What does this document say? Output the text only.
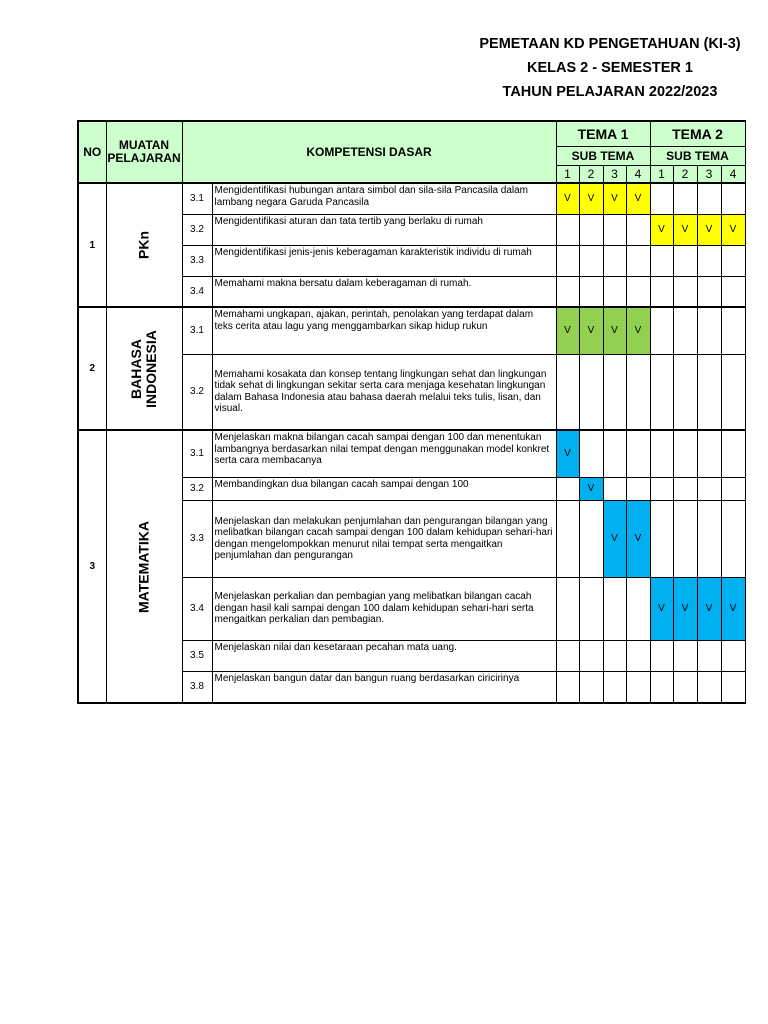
PEMETAAN KD PENGETAHUAN (KI-3)
KELAS 2 - SEMESTER 1
TAHUN PELAJARAN 2022/2023
NO	MUATAN
PELAJARAN	KOMPETENSI DASAR		TEMA 1				TEMA 2			
				SUB TEMA				SUB TEMA			
				1	2	3	4	1	2	3	4
1	PKn	3.1	Mengidentifikasi hubungan antara simbol dan sila-sila Pancasila dalam lambang negara Garuda Pancasila	V	V	V	V				
		3.2	Mengidentifikasi aturan dan tata tertib yang berlaku di rumah					V	V	V	V
		3.3	Mengidentifikasi jenis-jenis keberagaman karakteristik individu di rumah								
		3.4	Memahami makna bersatu dalam keberagaman di rumah.								
2	BAHASA INDONESIA	3.1	Memahami ungkapan, ajakan, perintah, penolakan yang terdapat dalam teks cerita atau lagu yang menggambarkan sikap hidup rukun	V	V	V	V				
		3.2	Memahami kosakata dan konsep tentang lingkungan sehat dan lingkungan tidak sehat di lingkungan sekitar serta cara menjaga kesehatan lingkungan dalam Bahasa Indonesia atau bahasa daerah melalui teks tulis, lisan, dan visual.								
3	MATEMATIKA	3.1	Menjelaskan makna bilangan cacah sampai dengan 100 dan menentukan lambangnya berdasarkan nilai tempat dengan menggunakan model konkret serta cara membacanya	V							
		3.2	Membandingkan dua bilangan cacah sampai dengan 100		V						
		3.3	Menjelaskan dan melakukan penjumlahan dan pengurangan bilangan yang melibatkan bilangan cacah sampai dengan 100 dalam kehidupan sehari-hari dengan mengelompokkan menurut nilai tempat serta mengaitkan penjumlahan dan pengurangan			V	V				
		3.4	Menjelaskan perkalian dan pembagian yang melibatkan bilangan cacah dengan hasil kali sampai dengan 100 dalam kehidupan sehari-hari serta mengaitkan perkalian dan pembagian.					V	V	V	V
		3.5	Menjelaskan nilai dan kesetaraan pecahan mata uang.								
		3.8	Menjelaskan bangun datar dan bangun ruang berdasarkan ciricirinya								
